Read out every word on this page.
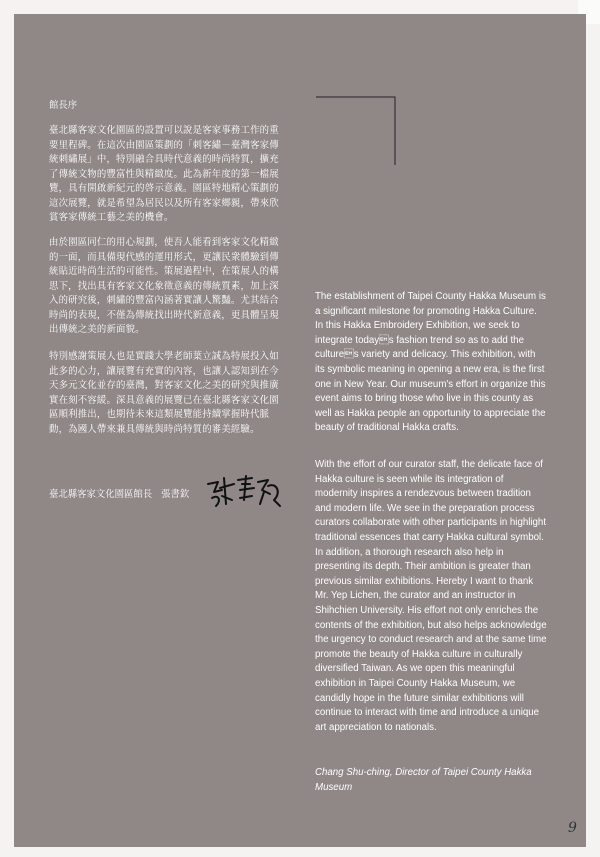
館長序

臺北縣客家文化園區的設置可以說是客家事務工作的重要里程碑。在這次由園區策劃的「刺客繡－臺灣客家傳統刺繡展」中，特別融合具時代意義的時尚特質，擴充了傳統文物的豐富性與精緻度。此為新年度的第一檔展覽，具有開啟新紀元的啓示意義。園區特地精心策劃的這次展覽，就是希望為居民以及所有客家鄉親，帶來欣賞客家傳統工藝之美的機會。

由於園區同仁的用心規劃，使吾人能看到客家文化精緻的一面，而具備現代感的運用形式，更讓民衆體驗到傳統貼近時尚生活的可能性。策展過程中，在策展人的構思下，找出具有客家文化象徵意義的傳統質素，加上深入的研究後，刺繡的豐富內涵著實讓人驚豔。尤其結合時尚的表現，不僅為傳統找出時代新意義，更具體呈現出傳統之美的新面貌。

特別感謝策展人也是實踐大學老師葉立誠為特展投入如此多的心力，讓展覽有充實的內容，也讓人認知到在今天多元文化並存的臺灣，對客家文化之美的研究與推廣實在刻不容緩。深具意義的展覽已在臺北縣客家文化園區順利推出，也期待未來這類展覽能持續掌握時代脈動，為國人帶來兼具傳統與時尚特質的審美經驗。

臺北縣客家文化園區館長 張書欽

The establishment of Taipei County Hakka Museum is a significant milestone for promoting Hakka Culture. In this Hakka Embroidery Exhibition, we seek to integrate todays fashion trend so as to add the cultures variety and delicacy. This exhibition, with its symbolic meaning in opening a new era, is the first one in New Year. Our museum's effort in organize this event aims to bring those who live in this county as well as Hakka people an opportunity to appreciate the beauty of traditional Hakka crafts.

With the effort of our curator staff, the delicate face of Hakka culture is seen while its integration of modernity inspires a rendezvous between tradition and modern life. We see in the preparation process curators collaborate with other participants in highlight traditional essences that carry Hakka cultural symbol. In addition, a thorough research also help in presenting its depth. Their ambition is greater than previous similar exhibitions. Hereby I want to thank Mr. Yep Lichen, the curator and an instructor in Shihchien University. His effort not only enriches the contents of the exhibition, but also helps acknowledge the urgency to conduct research and at the same time promote the beauty of Hakka culture in culturally diversified Taiwan. As we open this meaningful exhibition in Taipei County Hakka Museum, we candidly hope in the future similar exhibitions will continue to interact with time and introduce a unique art appreciation to nationals.

Chang Shu-ching, Director of Taipei County Hakka Museum

9
